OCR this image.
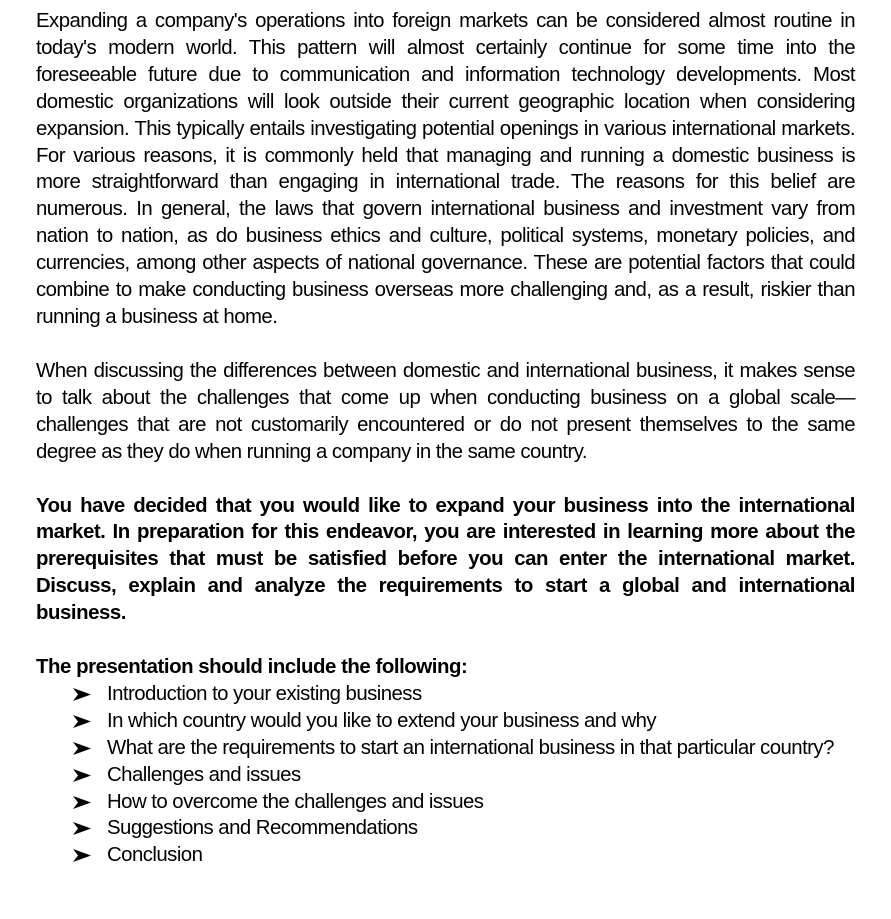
Expanding a company's operations into foreign markets can be considered almost routine in today's modern world. This pattern will almost certainly continue for some time into the foreseeable future due to communication and information technology developments. Most domestic organizations will look outside their current geographic location when considering expansion. This typically entails investigating potential openings in various international markets. For various reasons, it is commonly held that managing and running a domestic business is more straightforward than engaging in international trade. The reasons for this belief are numerous. In general, the laws that govern international business and investment vary from nation to nation, as do business ethics and culture, political systems, monetary policies, and currencies, among other aspects of national governance. These are potential factors that could combine to make conducting business overseas more challenging and, as a result, riskier than running a business at home.

When discussing the differences between domestic and international business, it makes sense to talk about the challenges that come up when conducting business on a global scale—challenges that are not customarily encountered or do not present themselves to the same degree as they do when running a company in the same country.

You have decided that you would like to expand your business into the international market. In preparation for this endeavor, you are interested in learning more about the prerequisites that must be satisfied before you can enter the international market. Discuss, explain and analyze the requirements to start a global and international business.

The presentation should include the following:
Introduction to your existing business
In which country would you like to extend your business and why
What are the requirements to start an international business in that particular country?
Challenges and issues
How to overcome the challenges and issues
Suggestions and Recommendations
Conclusion
